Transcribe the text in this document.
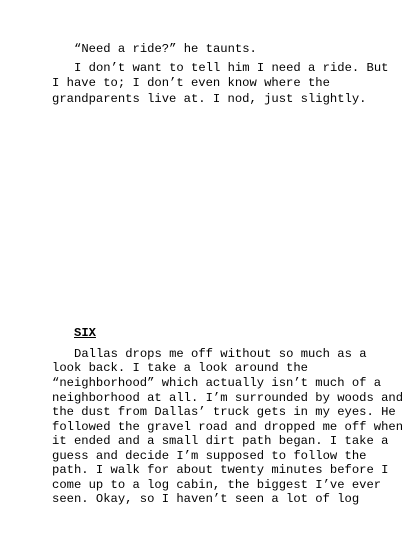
“Need a ride?” he taunts.
I don’t want to tell him I need a ride. But
I have to; I don’t even know where the
grandparents live at. I nod, just slightly.
SIX
Dallas drops me off without so much as a
look back. I take a look around the
“neighborhood” which actually isn’t much of a
neighborhood at all. I’m surrounded by woods and
the dust from Dallas’ truck gets in my eyes. He
followed the gravel road and dropped me off when
it ended and a small dirt path began. I take a
guess and decide I’m supposed to follow the
path. I walk for about twenty minutes before I
come up to a log cabin, the biggest I’ve ever
seen. Okay, so I haven’t seen a lot of log
